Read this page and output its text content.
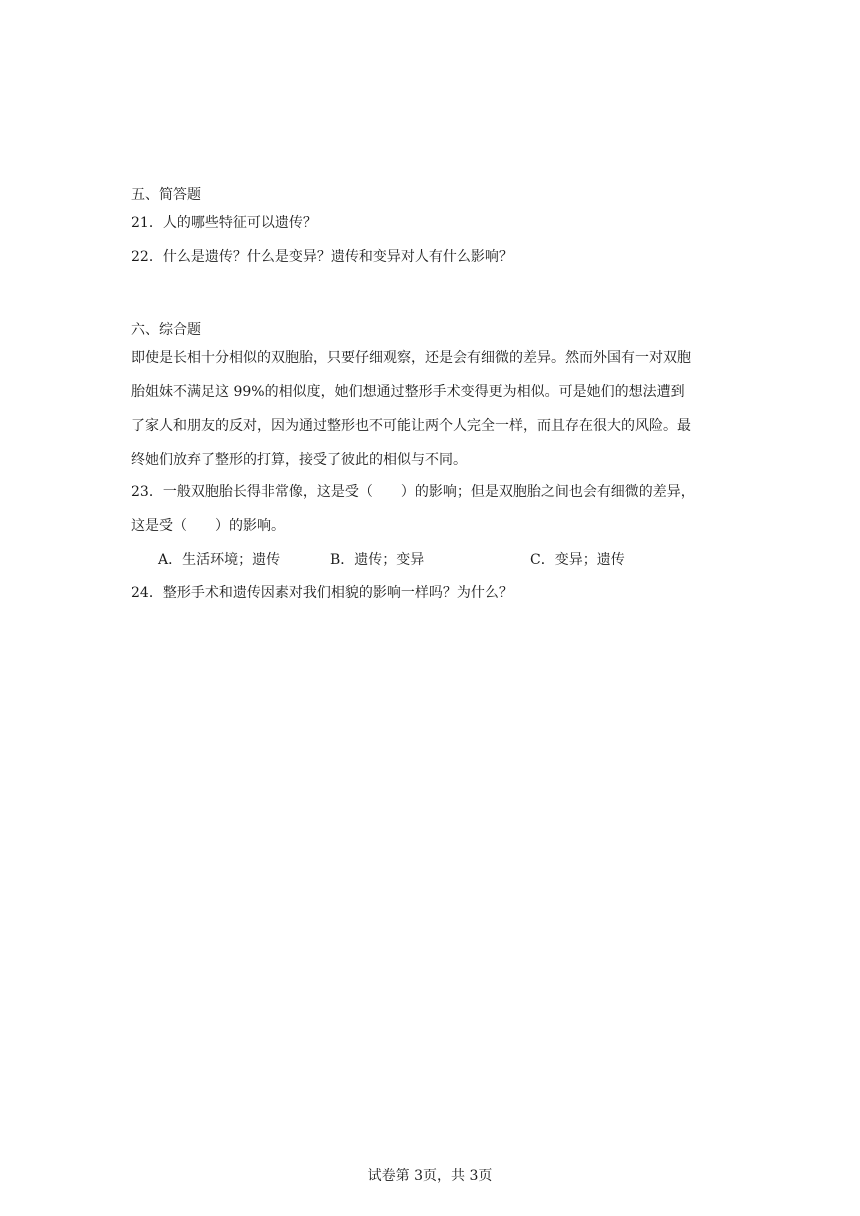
五、简答题
21．人的哪些特征可以遗传？
22．什么是遗传？什么是变异？遗传和变异对人有什么影响？
六、综合题
即使是长相十分相似的双胞胎，只要仔细观察，还是会有细微的差异。然而外国有一对双胞
胎姐妹不满足这 99%的相似度，她们想通过整形手术变得更为相似。可是她们的想法遭到
了家人和朋友的反对，因为通过整形也不可能让两个人完全一样，而且存在很大的风险。最
终她们放弃了整形的打算，接受了彼此的相似与不同。
23．一般双胞胎长得非常像，这是受（　　）的影响；但是双胞胎之间也会有细微的差异，
这是受（　　）的影响。
A．生活环境；遗传	B．遗传；变异	C．变异；遗传
24．整形手术和遗传因素对我们相貌的影响一样吗？为什么？
试卷第 3页，共 3页
